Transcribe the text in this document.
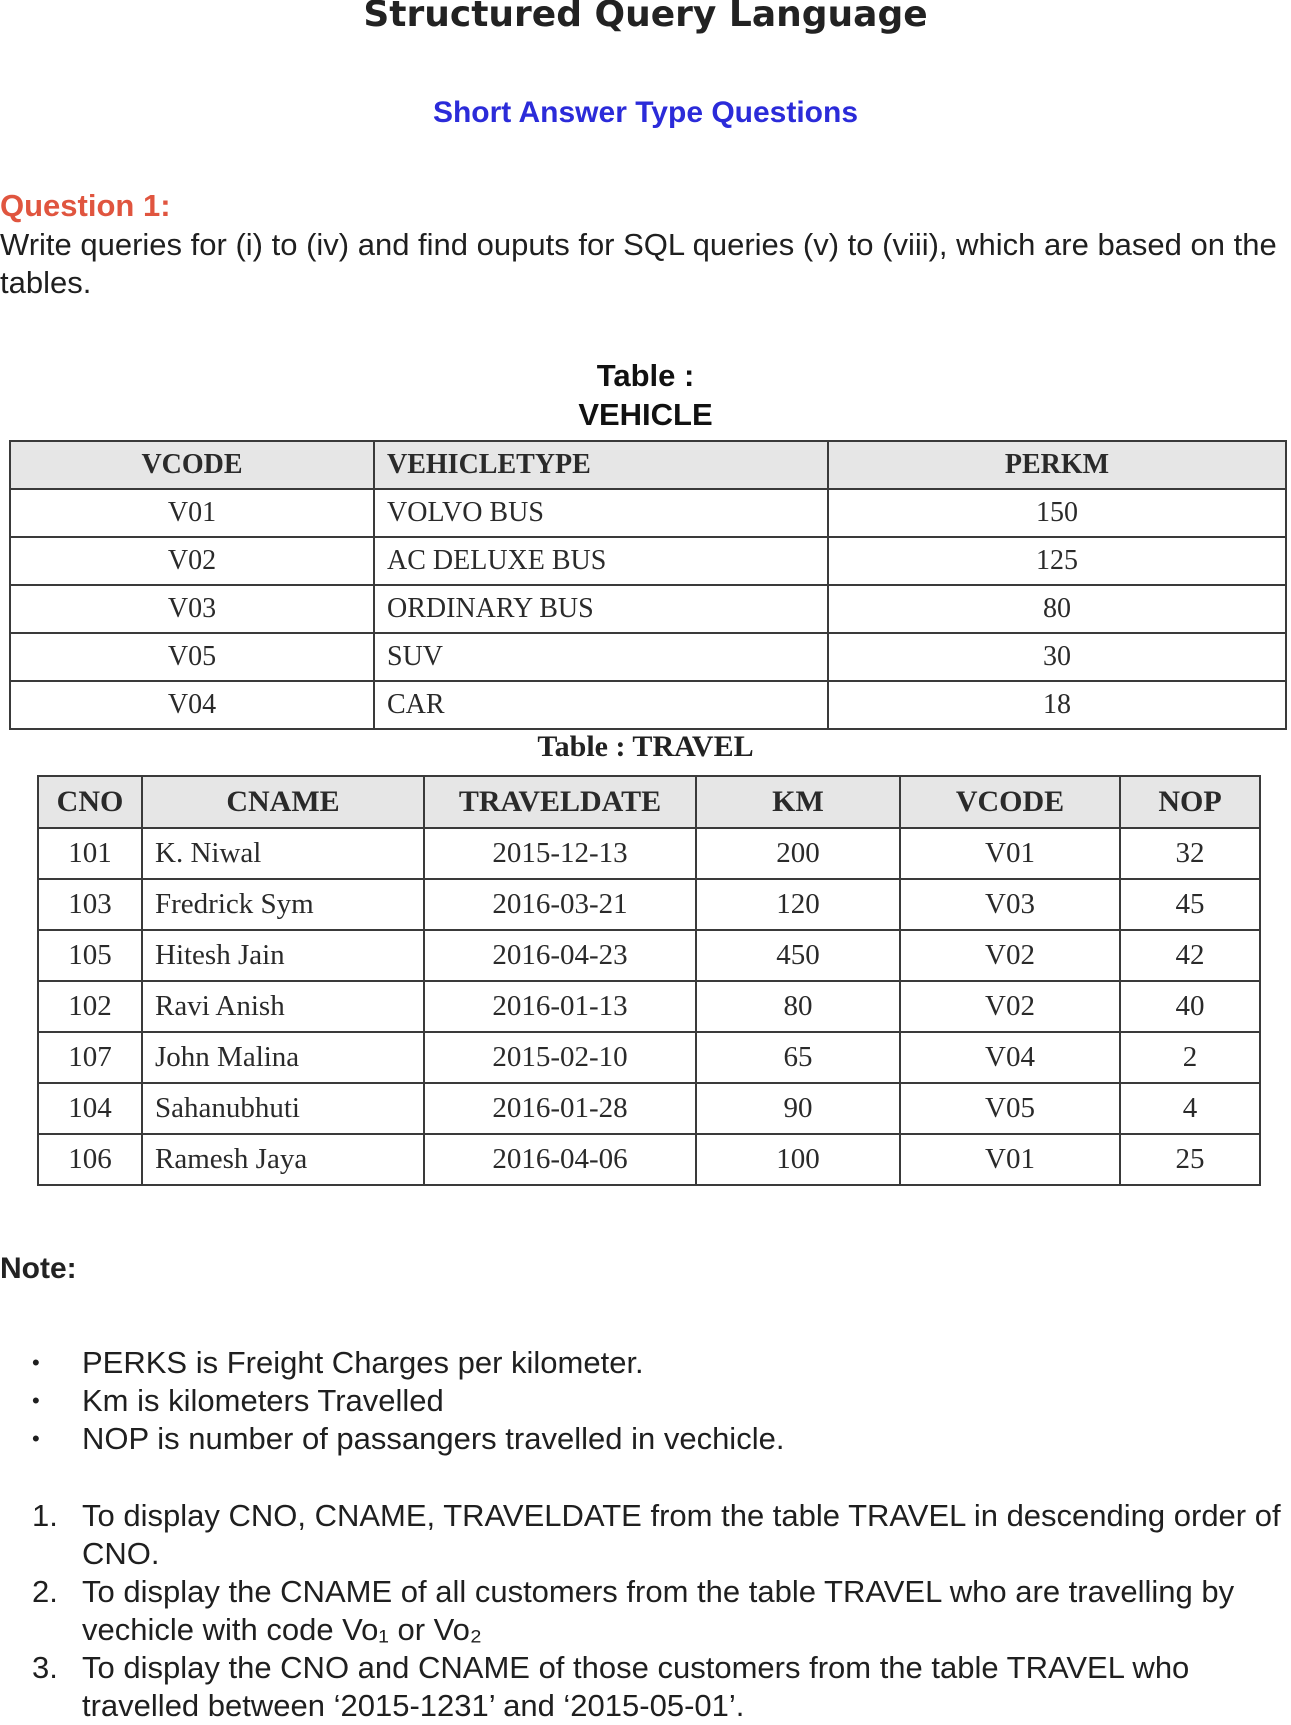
Structured Query Language
Short Answer Type Questions
Question 1:
Write queries for (i) to (iv) and find ouputs for SQL queries (v) to (viii), which are based on the tables.
Table :
VEHICLE
VCODE	VEHICLETYPE	PERKM
V01	VOLVO BUS	150
V02	AC DELUXE BUS	125
V03	ORDINARY BUS	80
V05	SUV	30
V04	CAR	18
Table : TRAVEL
CNO	CNAME	TRAVELDATE	KM	VCODE	NOP
101	K. Niwal	2015-12-13	200	V01	32
103	Fredrick Sym	2016-03-21	120	V03	45
105	Hitesh Jain	2016-04-23	450	V02	42
102	Ravi Anish	2016-01-13	80	V02	40
107	John Malina	2015-02-10	65	V04	2
104	Sahanubhuti	2016-01-28	90	V05	4
106	Ramesh Jaya	2016-04-06	100	V01	25
Note:
• PERKS is Freight Charges per kilometer.
• Km is kilometers Travelled
• NOP is number of passangers travelled in vechicle.
1. To display CNO, CNAME, TRAVELDATE from the table TRAVEL in descending order of CNO.
2. To display the CNAME of all customers from the table TRAVEL who are travelling by vechicle with code Vo₁ or Vo₂
3. To display the CNO and CNAME of those customers from the table TRAVEL who travelled between ‘2015-1231’ and ‘2015-05-01’.
